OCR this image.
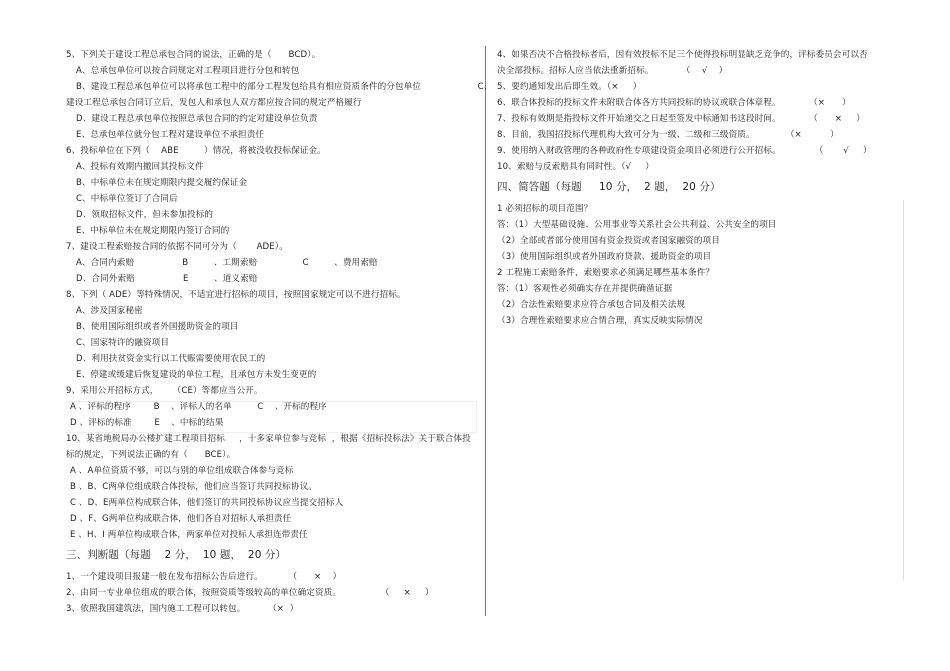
5、下列关于建设工程总承包合同的说法，正确的是（      BCD）。
A、总承包单位可以按合同规定对工程项目进行分包和转包
B、建设工程总承包单位可以将承包工程中的部分工程发包给具有相应资质条件的分包单位                    C、
建设工程总承包合同订立后，发包人和承包人双方都应按合同的规定严格履行
D、建设工程总承包单位按照总承包合同的约定对建设单位负责
E、总承包单位就分包工程对建设单位不承担责任
6、投标单位在下列（    ABE         ）情况，将被没收投标保证金。
A、投标有效期内撤回其投标文件
B、中标单位未在规定期限内提交履约保证金
C、中标单位签订了合同后
D、领取招标文件，但未参加投标的
E、中标单位未在规定期限内签订合同的
7、建设工程索赔按合同的依据不同可分为（       ADE）。
A、合同内索赔                 B         、工期索赔                C         、费用索赔
D、合同外索赔                 E         、道义索赔
8、下列（ ADE）等特殊情况，不适宜进行招标的项目，按照国家规定可以不进行招标。
A、涉及国家秘密
B、使用国际组织或者外国援助资金的项目
C、国家特许的融资项目
D、利用扶贫资金实行以工代赈需要使用农民工的
E、停建或缓建后恢复建设的单位工程，且承包方未发生变更的
9、采用公开招标方式，     （CE）等都应当公开。
A 、评标的程序        B    、评标人的名单         C    、开标的程序
D 、评标的标准        E    、中标的结果
10、某省地税局办公楼扩建工程项目招标     ，十多家单位参与竞标  ，根据《招标投标法》关于联合体投
标的规定，下列说法正确的有（      BCE）。
A 、A单位资质不够，可以与别的单位组成联合体参与竞标
B 、B、C两单位组成联合体投标，他们应当签订共同投标协议。
C 、D、E两单位构成联合体，他们签订的共同投标协议应当提交招标人
D 、F、G两单位构成联合体，他们各自对招标人承担责任
E 、H、I 两单位构成联合体，两家单位对投标人承担连带责任
三、判断题（每题    2 分，  10 题，  20 分）
1、一个建设项目报建一般在发布招标公告后进行。         （      ×    ）
2、由同一专业单位组成的联合体，按照资质等级较高的单位确定资质。              （     ×     ）
3、依照我国建筑法，国内施工工程可以转包。        （×  ）
4、如果否决不合格投标者后，因有效投标不足三个使得投标明显缺乏竞争的，评标委员会可以否
决全部投标。招标人应当依法重新招标。          （    √    ）
5、要约通知发出后即生效。（×     ）
6、联合体投标的投标文件未附联合体各方共同投标的协议或联合体章程。          （×      ）
7、投标有效期是指投标文件开始递交之日起至签发中标通知书这段时间。          （      ×     ）
8、目前，我国招投标代理机构大致可分为一级、二级和三级资质。           （×          ）
9、使用纳入财政管理的各种政府性专项建设资金项目必须进行公开招标。            （       √     ）
10、索赔与反索赔具有同时性。（√     ）
四、简答题（每题     10 分，  2 题，  20 分）
1 必须招标的项目范围？
答：（1）大型基础设施、公用事业等关系社会公共利益、公共安全的项目
（2）全部或者部分使用国有资金投资或者国家融资的项目
（3）使用国际组织或者外国政府贷款、援助资金的项目
2 工程施工索赔条件，索赔要求必须满足哪些基本条件？
答：（1）客观性必须确实存在并提供确凿证据
（2）合法性索赔要求应符合承包合同及相关法规
（3）合理性索赔要求应合情合理，真实反映实际情况
